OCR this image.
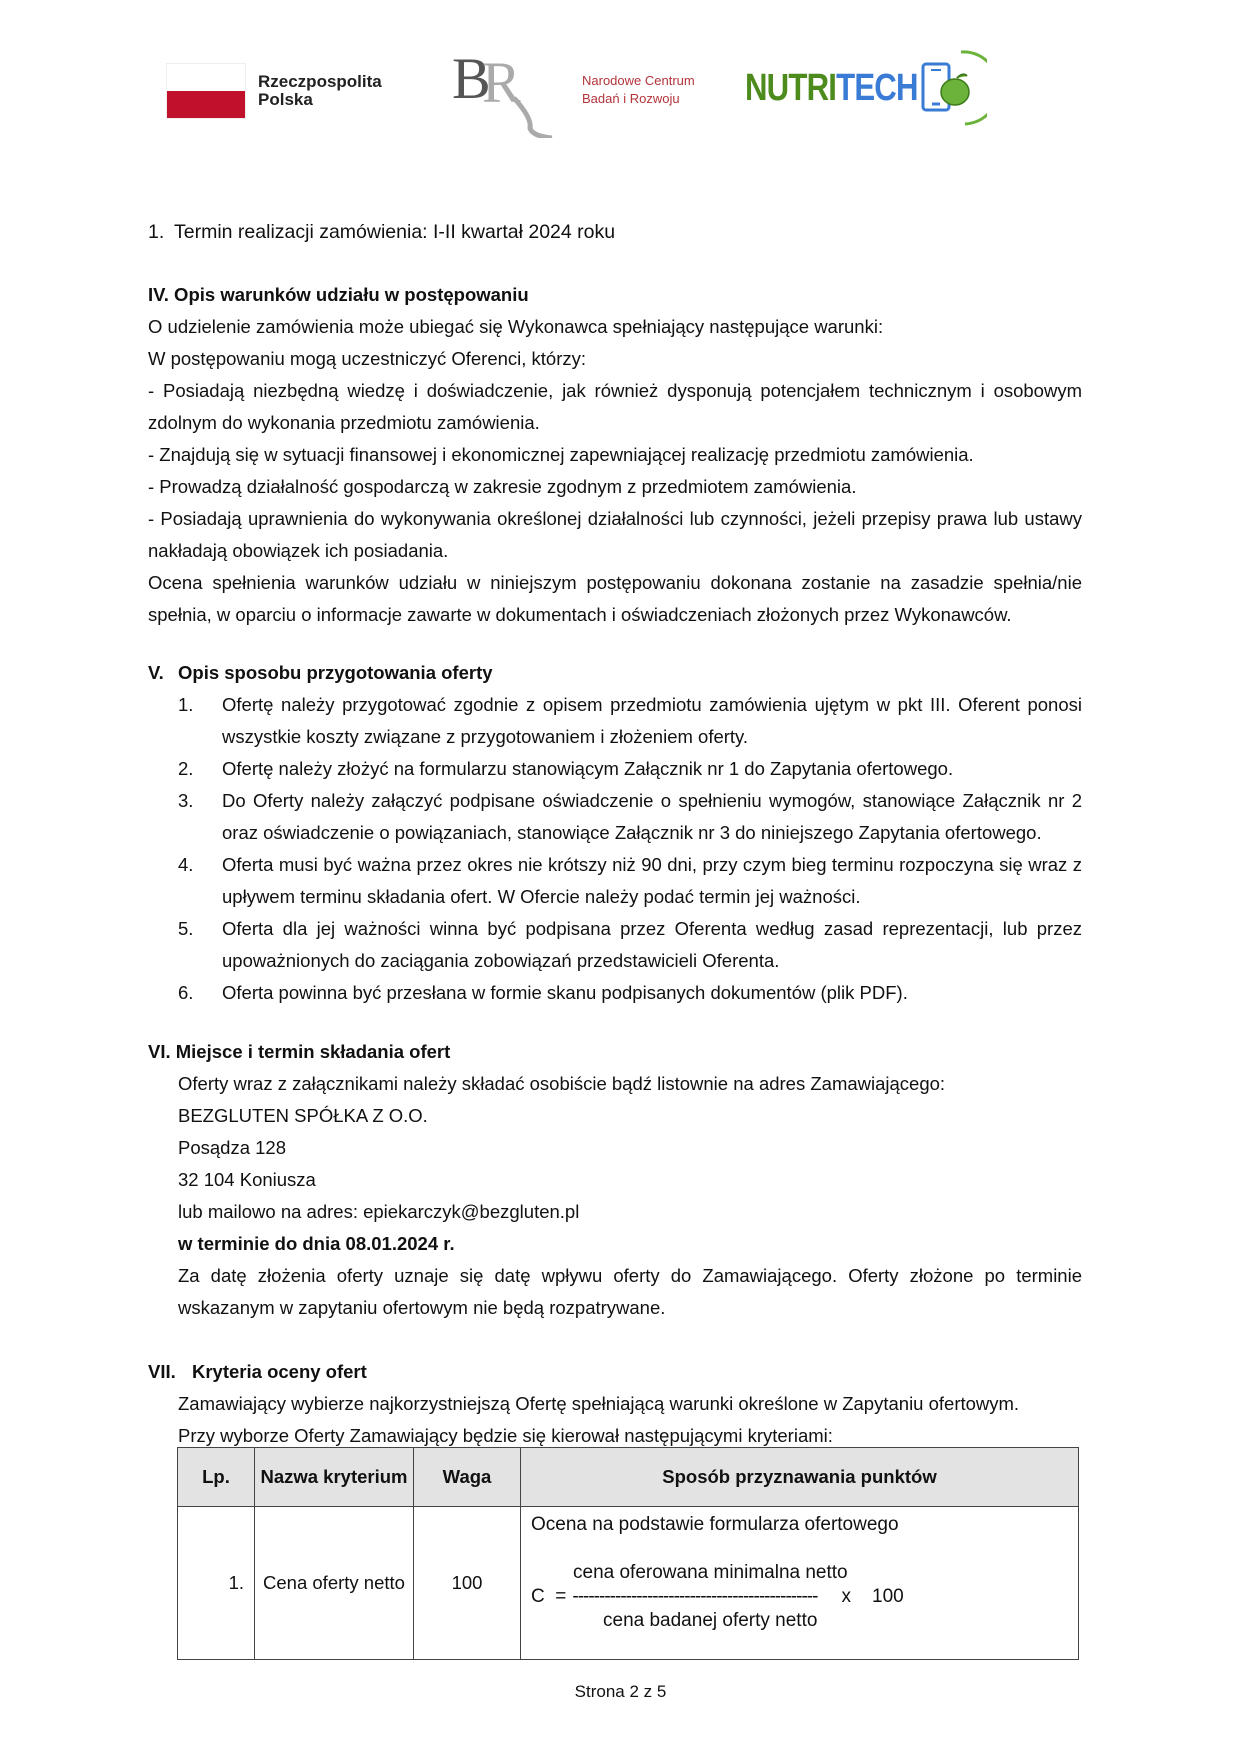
Rzeczpospolita
Polska	B
R	Narodowe Centrum
Badań i Rozwoju	NUTRITECH
1. Termin realizacji zamówienia: I-II kwartał 2024 roku

IV. Opis warunków udziału w postępowaniu

O udzielenie zamówienia może ubiegać się Wykonawca spełniający następujące warunki:

W postępowaniu mogą uczestniczyć Oferenci, którzy:

- Posiadają niezbędną wiedzę i doświadczenie, jak również dysponują potencjałem technicznym i osobowym zdolnym do wykonania przedmiotu zamówienia.

- Znajdują się w sytuacji finansowej i ekonomicznej zapewniającej realizację przedmiotu zamówienia.

- Prowadzą działalność gospodarczą w zakresie zgodnym z przedmiotem zamówienia.

- Posiadają uprawnienia do wykonywania określonej działalności lub czynności, jeżeli przepisy prawa lub ustawy nakładają obowiązek ich posiadania.

Ocena spełnienia warunków udziału w niniejszym postępowaniu dokonana zostanie na zasadzie spełnia/nie spełnia, w oparciu o informacje zawarte w dokumentach i oświadczeniach złożonych przez Wykonawców.

V. Opis sposobu przygotowania oferty
1.	Ofertę należy przygotować zgodnie z opisem przedmiotu zamówienia ujętym w pkt III. Oferent ponosi wszystkie koszty związane z przygotowaniem i złożeniem oferty.
2.	Ofertę należy złożyć na formularzu stanowiącym Załącznik nr 1 do Zapytania ofertowego.
3.	Do Oferty należy załączyć podpisane oświadczenie o spełnieniu wymogów, stanowiące Załącznik nr 2 oraz oświadczenie o powiązaniach, stanowiące Załącznik nr 3 do niniejszego Zapytania ofertowego.
4.	Oferta musi być ważna przez okres nie krótszy niż 90 dni, przy czym bieg terminu rozpoczyna się wraz z upływem terminu składania ofert. W Ofercie należy podać termin jej ważności.
5.	Oferta dla jej ważności winna być podpisana przez Oferenta według zasad reprezentacji, lub przez upoważnionych do zaciągania zobowiązań przedstawicieli Oferenta.
6.	Oferta powinna być przesłana w formie skanu podpisanych dokumentów (plik PDF).

VI. Miejsce i termin składania ofert

Oferty wraz z załącznikami należy składać osobiście bądź listownie na adres Zamawiającego:

BEZGLUTEN SPÓŁKA Z O.O.

Posądza 128

32 104 Koniusza

lub mailowo na adres: epiekarczyk@bezgluten.pl

w terminie do dnia 08.01.2024 r.

Za datę złożenia oferty uznaje się datę wpływu oferty do Zamawiającego. Oferty złożone po terminie wskazanym w zapytaniu ofertowym nie będą rozpatrywane.

VII. Kryteria oceny ofert

Zamawiający wybierze najkorzystniejszą Ofertę spełniającą warunki określone w Zapytaniu ofertowym.

Przy wyborze Oferty Zamawiający będzie się kierował następującymi kryteriami:

Lp.	Nazwa kryterium	Waga	Sposób przyznawania punktów
1.	Cena oferty netto	100	
Ocena na podstawie formularza ofertowego
cena oferowana minimalna netto
C  = ---------------------------------------------- x    100
cena badanej oferty netto
Strona 2 z 5
